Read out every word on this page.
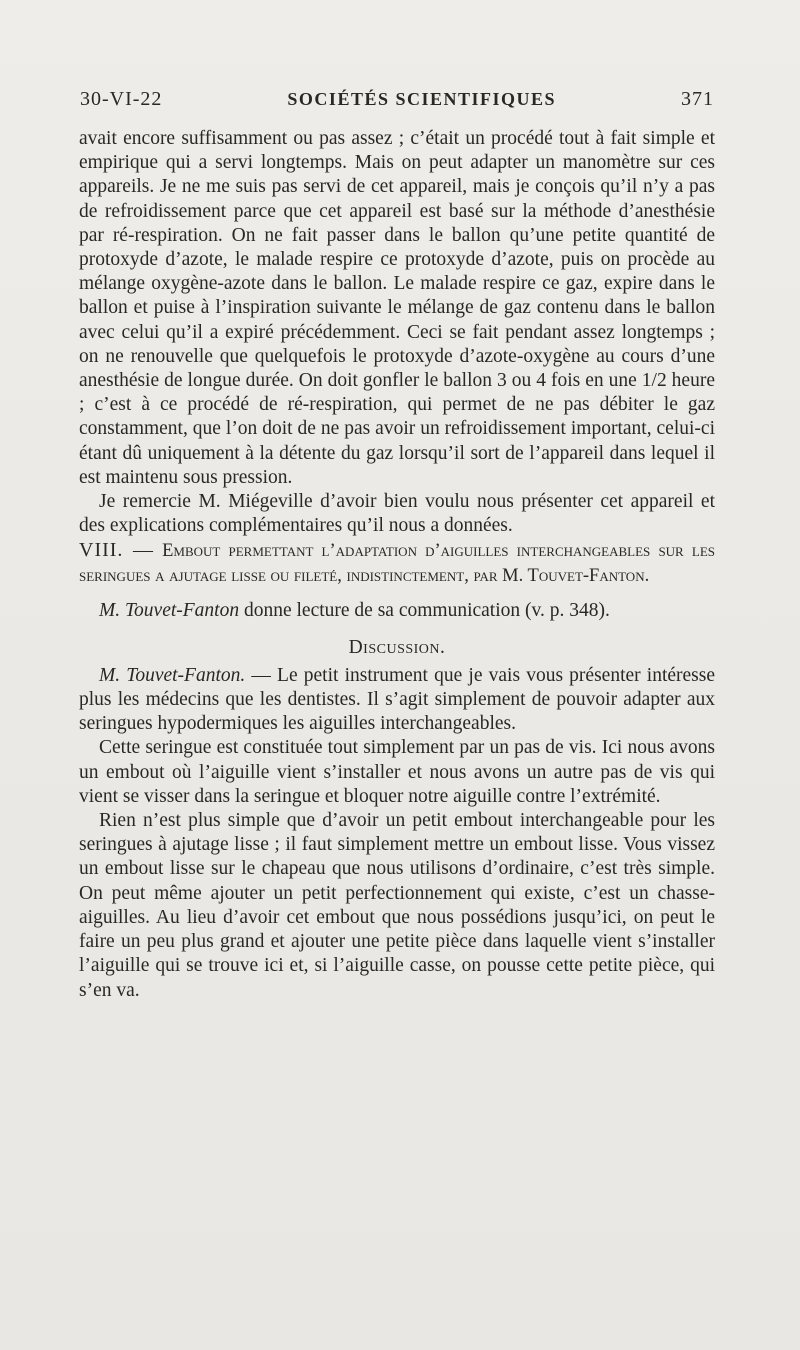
30-VI-22	SOCIÉTÉS SCIENTIFIQUES	371

avait encore suffisamment ou pas assez ; c’était un procédé tout à fait simple et empirique qui a servi longtemps. Mais on peut adapter un manomètre sur ces appareils. Je ne me suis pas servi de cet appareil, mais je conçois qu’il n’y a pas de refroidissement parce que cet appareil est basé sur la méthode d’anesthésie par ré-respiration. On ne fait passer dans le ballon qu’une petite quantité de protoxyde d’azote, le malade respire ce protoxyde d’azote, puis on procède au mélange oxygène-azote dans le ballon. Le malade respire ce gaz, expire dans le ballon et puise à l’inspiration suivante le mélange de gaz contenu dans le ballon avec celui qu’il a expiré précédemment. Ceci se fait pendant assez longtemps ; on ne renouvelle que quelquefois le protoxyde d’azote-oxygène au cours d’une anesthésie de longue durée. On doit gonfler le ballon 3 ou 4 fois en une 1/2 heure ; c’est à ce procédé de ré-respiration, qui permet de ne pas débiter le gaz constamment, que l’on doit de ne pas avoir un refroidissement important, celui-ci étant dû uniquement à la détente du gaz lorsqu’il sort de l’appareil dans lequel il est maintenu sous pression.

Je remercie M. Miégeville d’avoir bien voulu nous présenter cet appareil et des explications complémentaires qu’il nous a données.

VIII. — Embout permettant l’adaptation d’aiguilles interchangeables sur les seringues a ajutage lisse ou fileté, indistinctement, par M. Touvet-Fanton.

M. Touvet-Fanton donne lecture de sa communication (v. p. 348).

Discussion.

M. Touvet-Fanton. — Le petit instrument que je vais vous présenter intéresse plus les médecins que les dentistes. Il s’agit simplement de pouvoir adapter aux seringues hypodermiques les aiguilles interchangeables.

Cette seringue est constituée tout simplement par un pas de vis. Ici nous avons un embout où l’aiguille vient s’installer et nous avons un autre pas de vis qui vient se visser dans la seringue et bloquer notre aiguille contre l’extrémité.

Rien n’est plus simple que d’avoir un petit embout interchangeable pour les seringues à ajutage lisse ; il faut simplement mettre un embout lisse. Vous vissez un embout lisse sur le chapeau que nous utilisons d’ordinaire, c’est très simple. On peut même ajouter un petit perfectionnement qui existe, c’est un chasse-aiguilles. Au lieu d’avoir cet embout que nous possédions jusqu’ici, on peut le faire un peu plus grand et ajouter une petite pièce dans laquelle vient s’installer l’aiguille qui se trouve ici et, si l’aiguille casse, on pousse cette petite pièce, qui s’en va.
